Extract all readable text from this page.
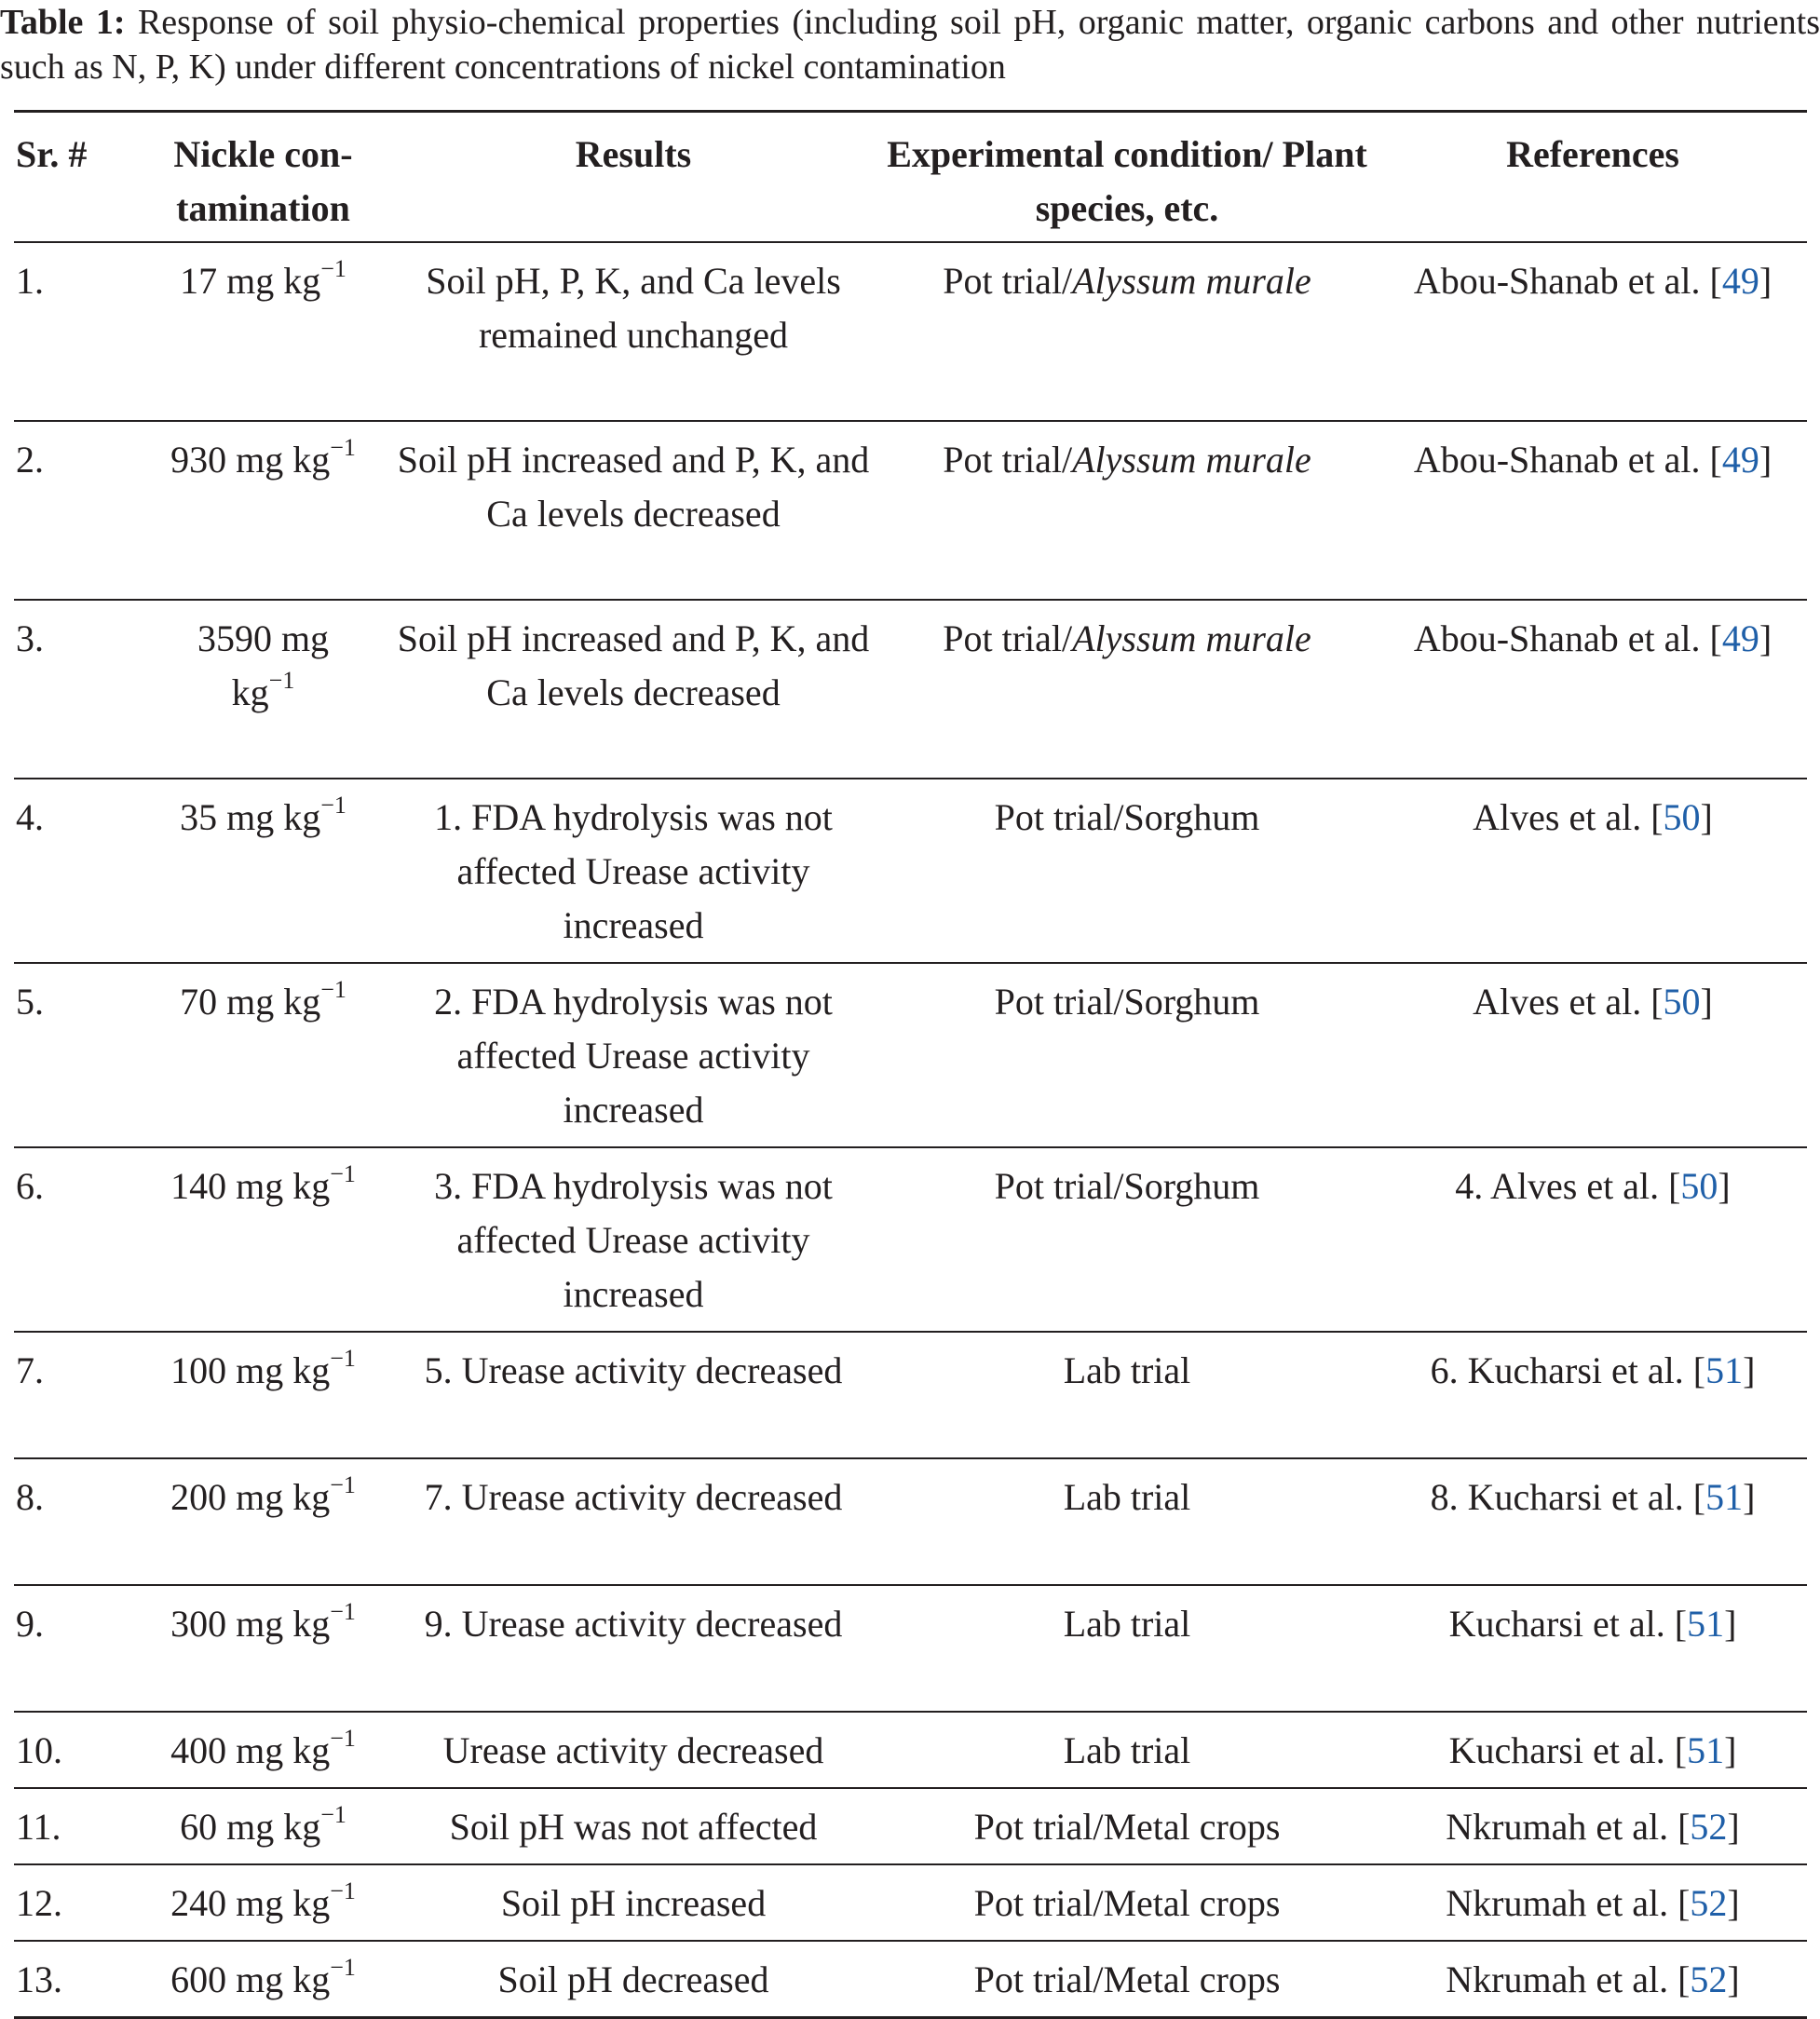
Table 1: Response of soil physio-chemical properties (including soil pH, organic matter, organic carbons and other nutrients such as N, P, K) under different concentrations of nickel contamination
Sr. #	Nickle con-tamination	Results	Experimental condition/ Plant species, etc.	References
1.	17 mg $kg^{-1}$	Soil pH, P, K, and Ca levels remained unchanged	Pot trial/Alyssum murale	Abou-Shanab et al. [49]
2.	930 mg $kg^{-1}$	Soil pH increased and P, K, and Ca levels decreased	Pot trial/Alyssum murale	Abou-Shanab et al. [49]
3.	3590 mg $kg^{-1}$	Soil pH increased and P, K, and Ca levels decreased	Pot trial/Alyssum murale	Abou-Shanab et al. [49]
4.	35 mg $kg^{-1}$	1. FDA hydrolysis was not affected Urease activity increased	Pot trial/Sorghum	Alves et al. [50]
5.	70 mg $kg^{-1}$	2. FDA hydrolysis was not affected Urease activity increased	Pot trial/Sorghum	Alves et al. [50]
6.	140 mg $kg^{-1}$	3. FDA hydrolysis was not affected Urease activity increased	Pot trial/Sorghum	4. Alves et al. [50]
7.	100 mg $kg^{-1}$	5. Urease activity decreased	Lab trial	6. Kucharsi et al. [51]
8.	200 mg $kg^{-1}$	7. Urease activity decreased	Lab trial	8. Kucharsi et al. [51]
9.	300 mg $kg^{-1}$	9. Urease activity decreased	Lab trial	Kucharsi et al. [51]
10.	400 mg $kg^{-1}$	Urease activity decreased	Lab trial	Kucharsi et al. [51]
11.	60 mg $kg^{-1}$	Soil pH was not affected	Pot trial/Metal crops	Nkrumah et al. [52]
12.	240 mg $kg^{-1}$	Soil pH increased	Pot trial/Metal crops	Nkrumah et al. [52]
13.	600 mg $kg^{-1}$	Soil pH decreased	Pot trial/Metal crops	Nkrumah et al. [52]
